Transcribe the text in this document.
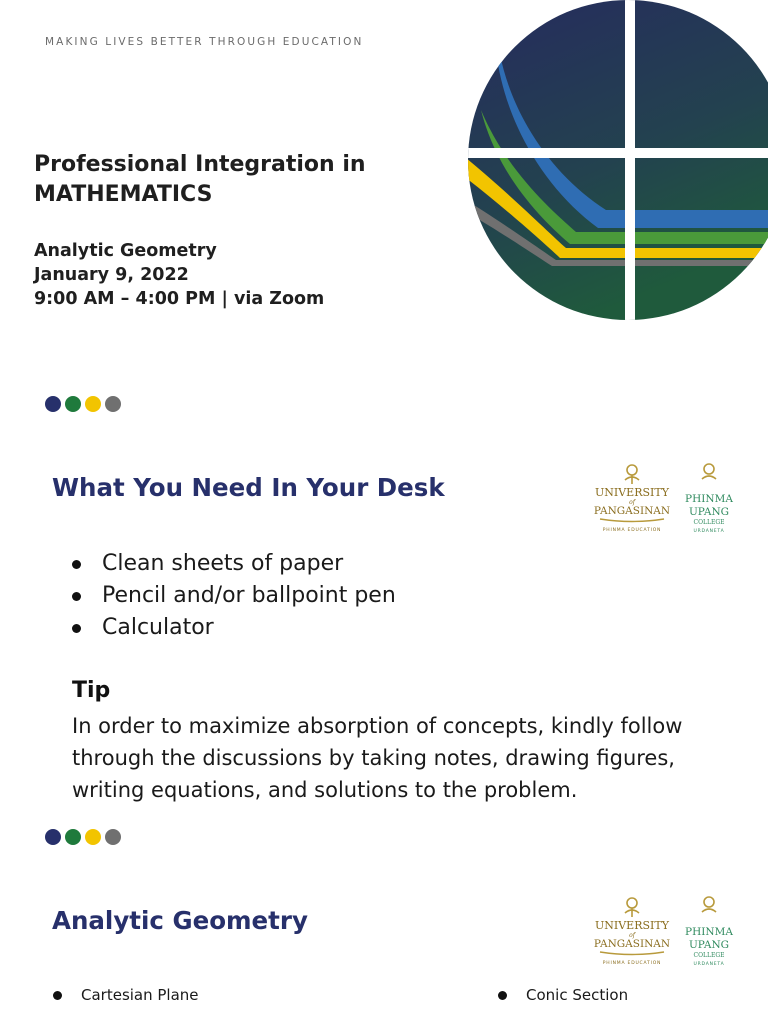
MAKING LIVES BETTER THROUGH EDUCATION
Professional Integration in
MATHEMATICS
Analytic Geometry
January 9, 2022
9:00 AM – 4:00 PM | via Zoom
What You Need In Your Desk	UNIVERSITY
of
PANGASINAN
PHINMA EDUCATION
PHINMA
UPANG
COLLEGE
URDANETA
Clean sheets of paper
Pencil and/or ballpoint pen
Calculator
Tip
In order to maximize absorption of concepts, kindly follow through the discussions by taking notes, drawing figures, writing equations, and solutions to the problem.
Analytic Geometry	UNIVERSITY
of
PANGASINAN
PHINMA EDUCATION
PHINMA
UPANG
COLLEGE
URDANETA
Cartesian Plane	Conic Section
